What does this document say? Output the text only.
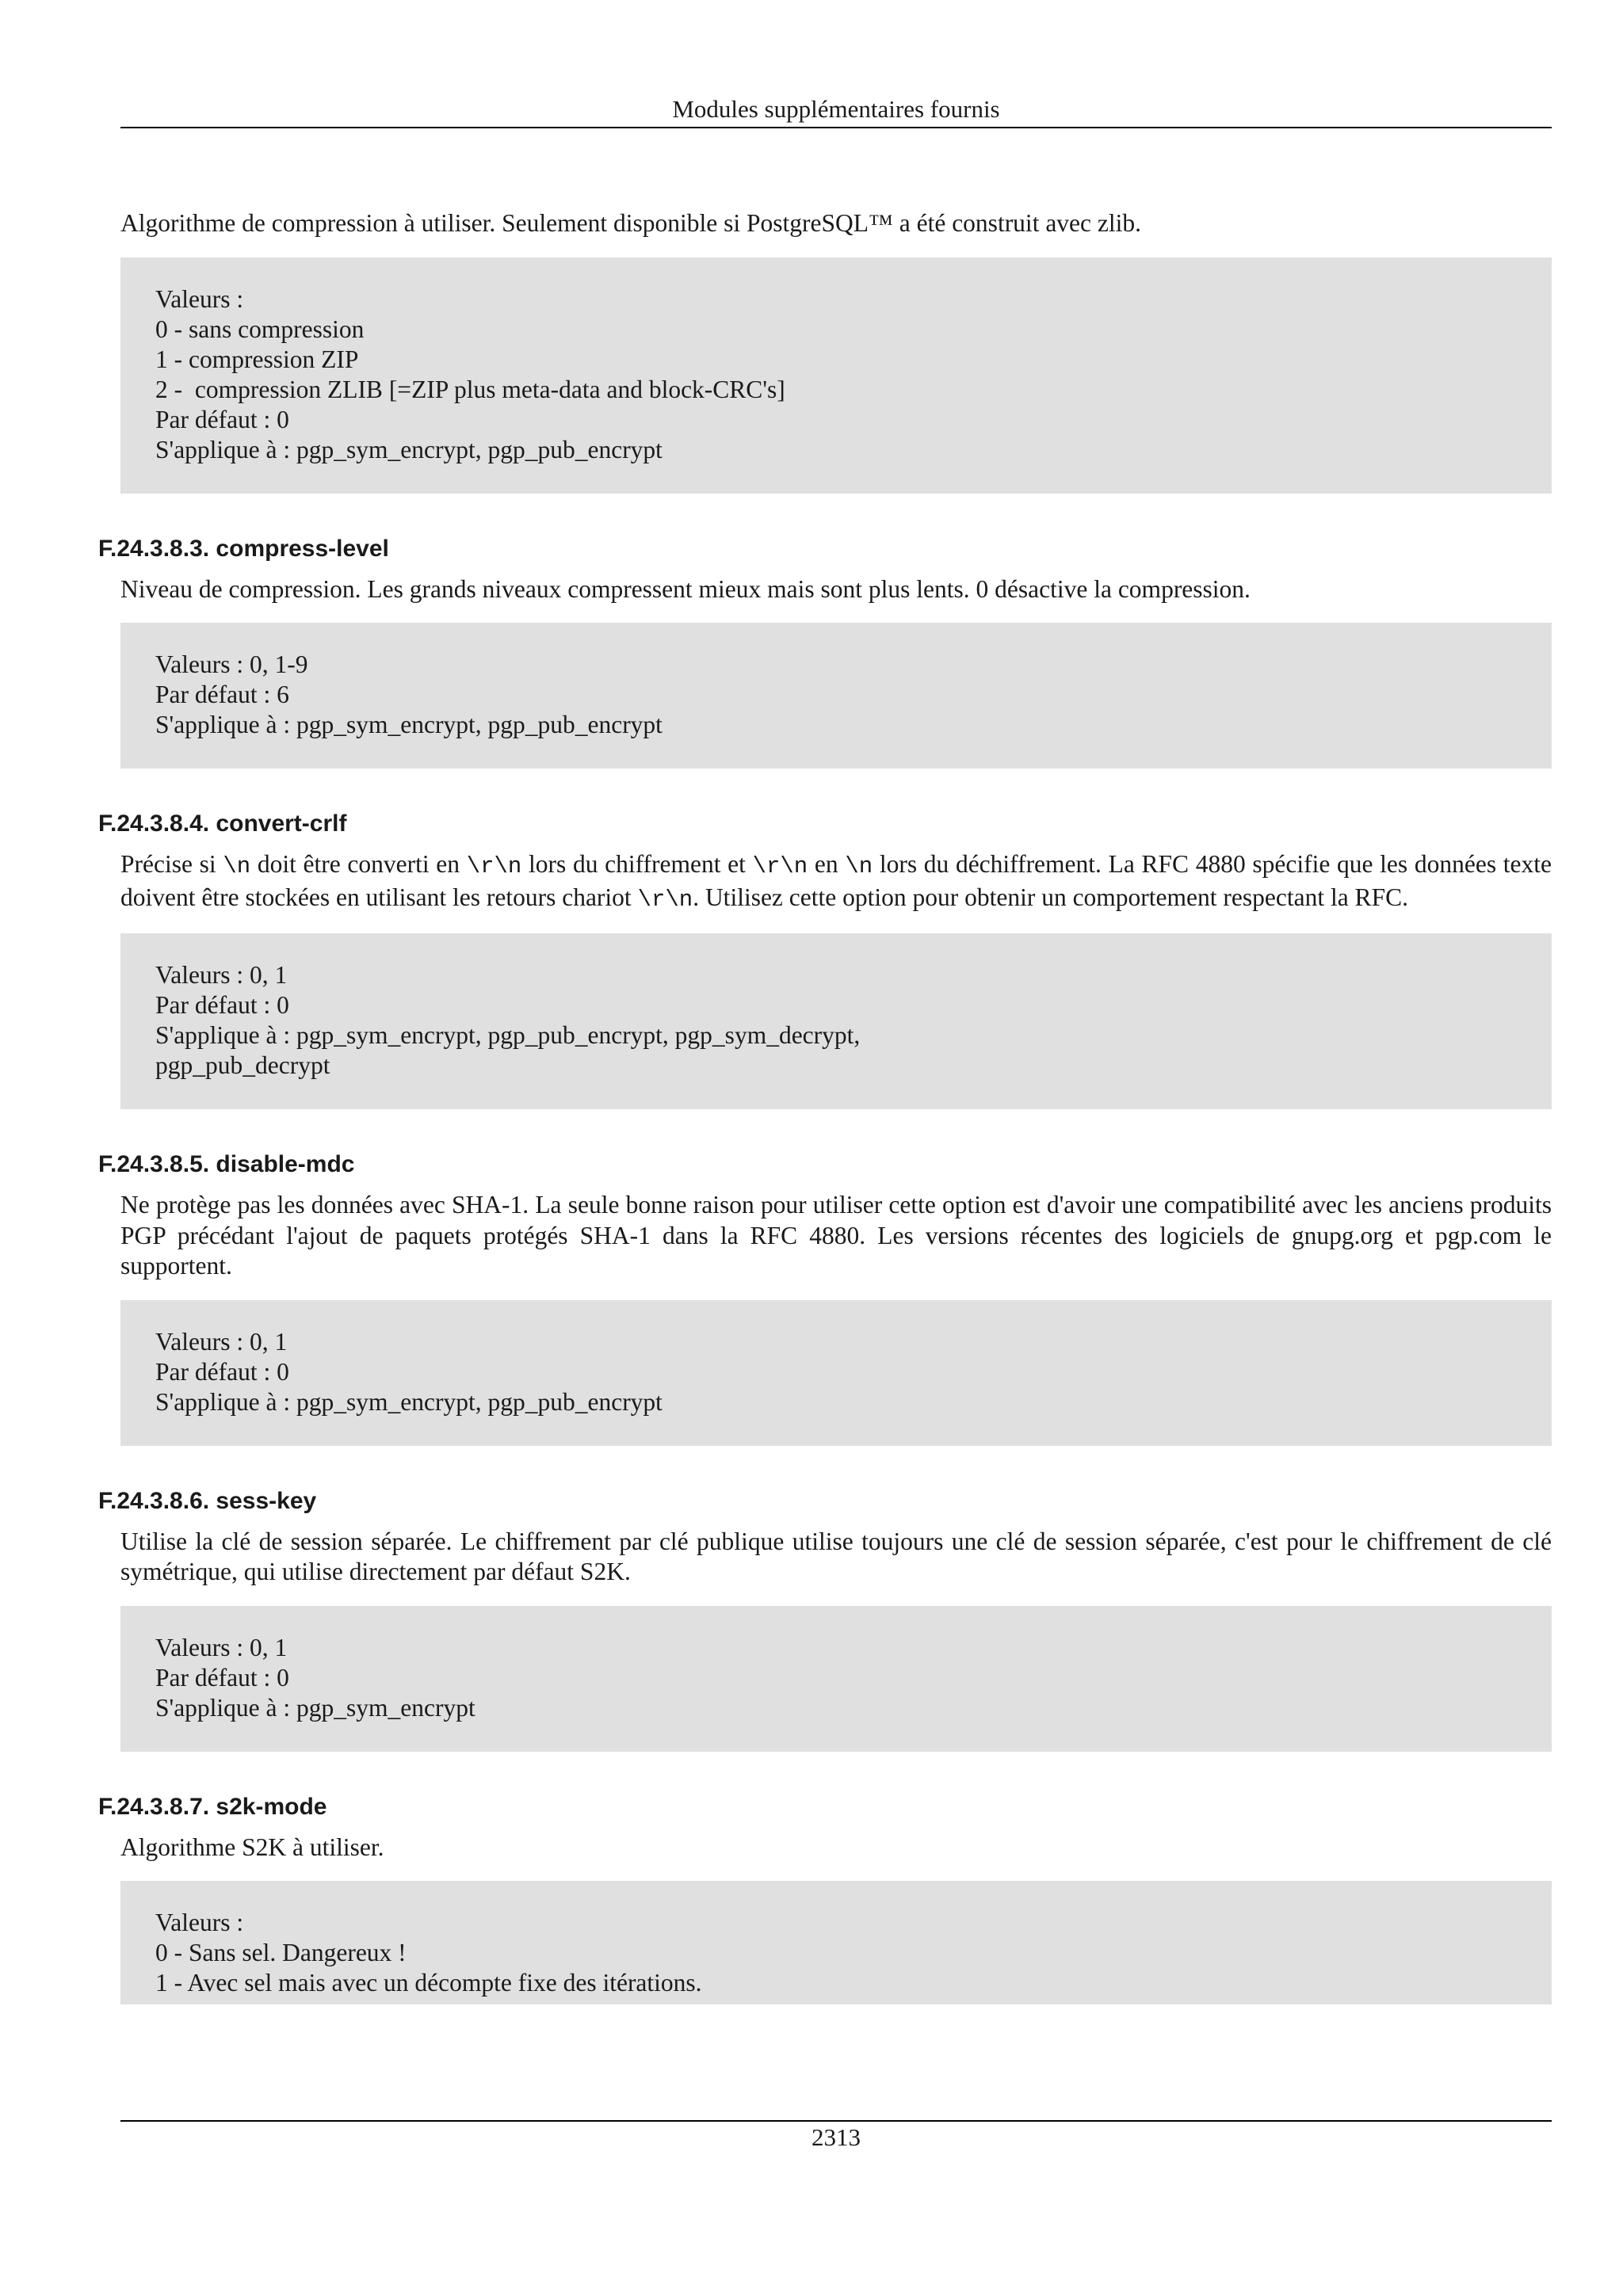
Modules supplémentaires fournis

Algorithme de compression à utiliser. Seulement disponible si PostgreSQL™ a été construit avec zlib.

Valeurs :
0 - sans compression
1 - compression ZIP
2 -  compression ZLIB [=ZIP plus meta-data and block-CRC's]
Par défaut : 0
S'applique à : pgp_sym_encrypt, pgp_pub_encrypt
F.24.3.8.3. compress-level

Niveau de compression. Les grands niveaux compressent mieux mais sont plus lents. 0 désactive la compression.

Valeurs : 0, 1-9
Par défaut : 6
S'applique à : pgp_sym_encrypt, pgp_pub_encrypt
F.24.3.8.4. convert-crlf

Précise si \n doit être converti en \r\n lors du chiffrement et \r\n en \n lors du déchiffrement. La RFC 4880 spécifie que les données texte doivent être stockées en utilisant les retours chariot \r\n. Utilisez cette option pour obtenir un comportement respectant la RFC.

Valeurs : 0, 1
Par défaut : 0
S'applique à : pgp_sym_encrypt, pgp_pub_encrypt, pgp_sym_decrypt,
pgp_pub_decrypt
F.24.3.8.5. disable-mdc

Ne protège pas les données avec SHA-1. La seule bonne raison pour utiliser cette option est d'avoir une compatibilité avec les anciens produits PGP précédant l'ajout de paquets protégés SHA-1 dans la RFC 4880. Les versions récentes des logiciels de gnupg.org et pgp.com le supportent.

Valeurs : 0, 1
Par défaut : 0
S'applique à : pgp_sym_encrypt, pgp_pub_encrypt
F.24.3.8.6. sess-key

Utilise la clé de session séparée. Le chiffrement par clé publique utilise toujours une clé de session séparée, c'est pour le chiffrement de clé symétrique, qui utilise directement par défaut S2K.

Valeurs : 0, 1
Par défaut : 0
S'applique à : pgp_sym_encrypt
F.24.3.8.7. s2k-mode

Algorithme S2K à utiliser.

Valeurs :
0 - Sans sel. Dangereux !
1 - Avec sel mais avec un décompte fixe des itérations.
2313
